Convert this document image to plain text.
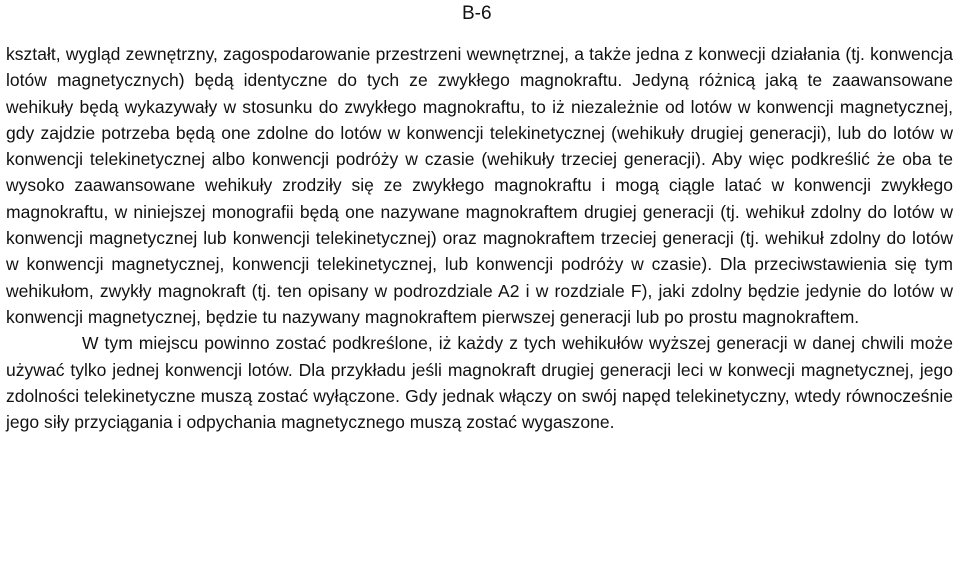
B-6

kształt, wygląd zewnętrzny, zagospodarowanie przestrzeni wewnętrznej, a także jedna z konwecji działania (tj. konwencja lotów magnetycznych) będą identyczne do tych ze zwykłego magnokraftu. Jedyną różnicą jaką te zaawansowane wehikuły będą wykazywały w stosunku do zwykłego magnokraftu, to iż niezależnie od lotów w konwencji magnetycznej, gdy zajdzie potrzeba będą one zdolne do lotów w konwencji telekinetycznej (wehikuły drugiej generacji), lub do lotów w konwencji telekinetycznej albo konwencji podróży w czasie (wehikuły trzeciej generacji). Aby więc podkreślić że oba te wysoko zaawansowane wehikuły zrodziły się ze zwykłego magnokraftu i mogą ciągle latać w konwencji zwykłego magnokraftu, w niniejszej monografii będą one nazywane magnokraftem drugiej generacji (tj. wehikuł zdolny do lotów w konwencji magnetycznej lub konwencji telekinetycznej) oraz magnokraftem trzeciej generacji (tj. wehikuł zdolny do lotów w konwencji magnetycznej, konwencji telekinetycznej, lub konwencji podróży w czasie). Dla przeciwstawienia się tym wehikułom, zwykły magnokraft (tj. ten opisany w podrozdziale A2 i w rozdziale F), jaki zdolny będzie jedynie do lotów w konwencji magnetycznej, będzie tu nazywany magnokraftem pierwszej generacji lub po prostu magnokraftem.

W tym miejscu powinno zostać podkreślone, iż każdy z tych wehikułów wyższej generacji w danej chwili może używać tylko jednej konwencji lotów. Dla przykładu jeśli magnokraft drugiej generacji leci w konwecji magnetycznej, jego zdolności telekinetyczne muszą zostać wyłączone. Gdy jednak włączy on swój napęd telekinetyczny, wtedy równocześnie jego siły przyciągania i odpychania magnetycznego muszą zostać wygaszone.
